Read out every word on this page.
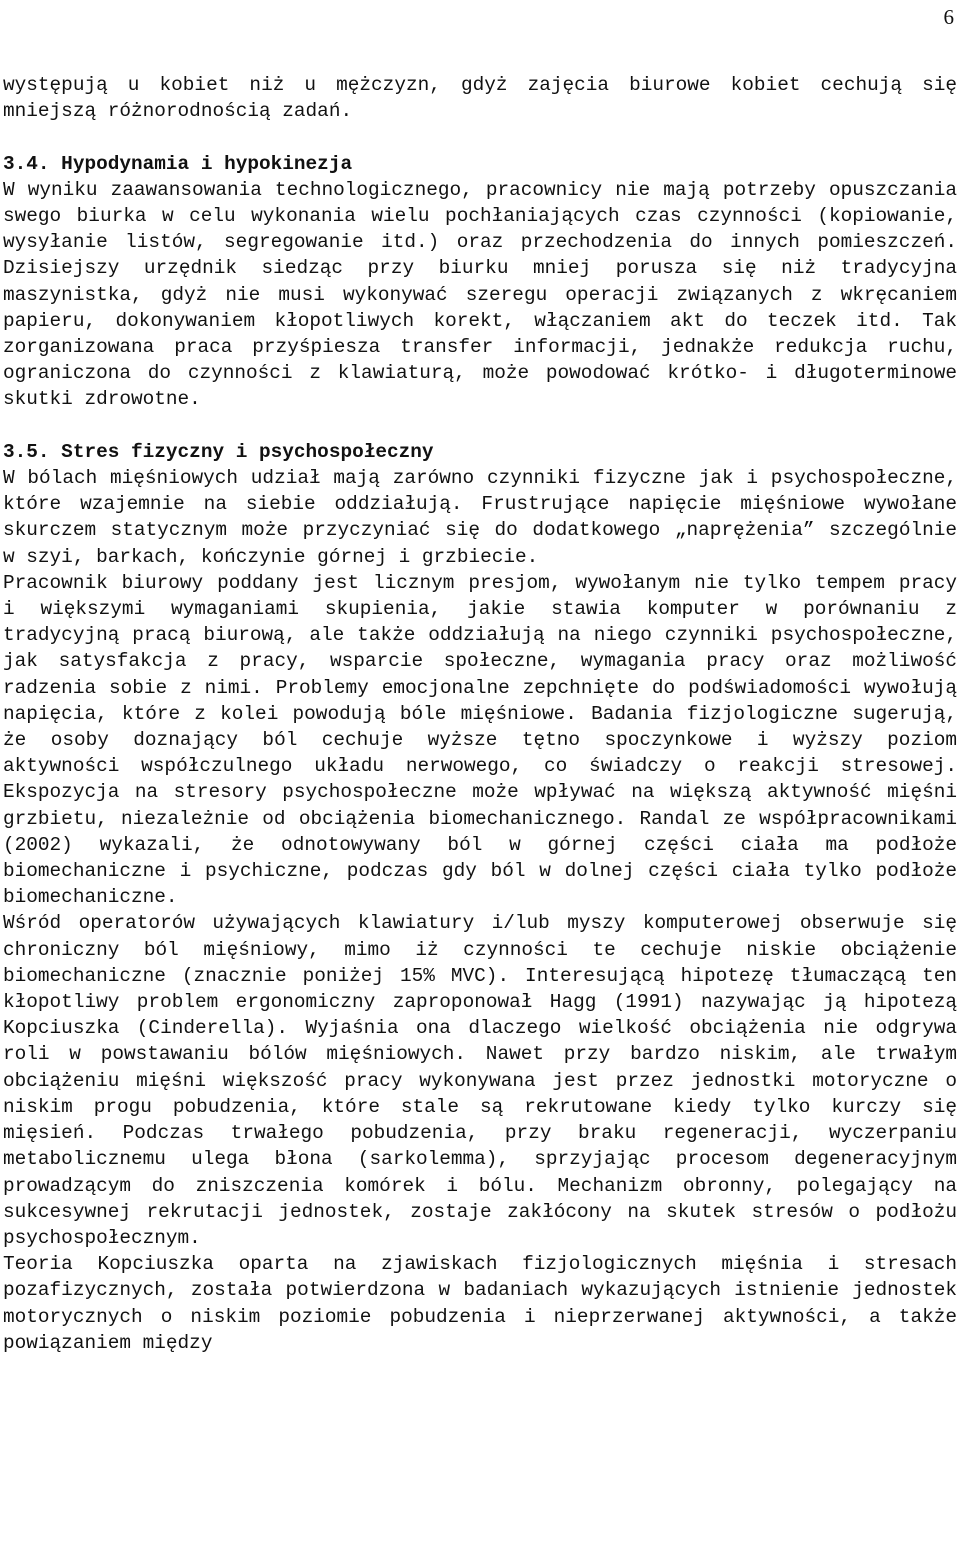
6

występują u kobiet niż u mężczyzn, gdyż zajęcia biurowe kobiet cechują się mniejszą różnorodnością zadań.

3.4. Hypodynamia i hypokinezja

W wyniku zaawansowania technologicznego, pracownicy nie mają potrzeby opuszczania swego biurka w celu wykonania wielu pochłaniających czas czynności (kopiowanie, wysyłanie listów, segregowanie itd.) oraz przechodzenia do innych pomieszczeń. Dzisiejszy urzędnik siedząc przy biurku mniej porusza się niż tradycyjna maszynistka, gdyż nie musi wykonywać szeregu operacji związanych z wkręcaniem papieru, dokonywaniem kłopotliwych korekt, włączaniem akt do teczek itd. Tak zorganizowana praca przyśpiesza transfer informacji, jednakże redukcja ruchu, ograniczona do czynności z klawiaturą, może powodować krótko- i długoterminowe skutki zdrowotne.

3.5. Stres fizyczny i psychospołeczny

W bólach mięśniowych udział mają zarówno czynniki fizyczne jak i psychospołeczne, które wzajemnie na siebie oddziałują. Frustrujące napięcie mięśniowe wywołane skurczem statycznym może przyczyniać się do dodatkowego „naprężenia” szczególnie w szyi, barkach, kończynie górnej i grzbiecie.

Pracownik biurowy poddany jest licznym presjom, wywołanym nie tylko tempem pracy i większymi wymaganiami skupienia, jakie stawia komputer w porównaniu z tradycyjną pracą biurową, ale także oddziałują na niego czynniki psychospołeczne, jak satysfakcja z pracy, wsparcie społeczne, wymagania pracy oraz możliwość radzenia sobie z nimi. Problemy emocjonalne zepchnięte do podświadomości wywołują napięcia, które z kolei powodują bóle mięśniowe. Badania fizjologiczne sugerują, że osoby doznający ból cechuje wyższe tętno spoczynkowe i wyższy poziom aktywności współczulnego układu nerwowego, co świadczy o reakcji stresowej. Ekspozycja na stresory psychospołeczne może wpływać na większą aktywność mięśni grzbietu, niezależnie od obciążenia biomechanicznego. Randal ze współpracownikami (2002) wykazali, że odnotowywany ból w górnej części ciała ma podłoże biomechaniczne i psychiczne, podczas gdy ból w dolnej części ciała tylko podłoże biomechaniczne.

Wśród operatorów używających klawiatury i/lub myszy komputerowej obserwuje się chroniczny ból mięśniowy, mimo iż czynności te cechuje niskie obciążenie biomechaniczne (znacznie poniżej 15% MVC). Interesującą hipotezę tłumaczącą ten kłopotliwy problem ergonomiczny zaproponował Hagg (1991) nazywając ją hipotezą Kopciuszka (Cinderella). Wyjaśnia ona dlaczego wielkość obciążenia nie odgrywa roli w powstawaniu bólów mięśniowych. Nawet przy bardzo niskim, ale trwałym obciążeniu mięśni większość pracy wykonywana jest przez jednostki motoryczne o niskim progu pobudzenia, które stale są rekrutowane kiedy tylko kurczy się mięsień. Podczas trwałego pobudzenia, przy braku regeneracji, wyczerpaniu metabolicznemu ulega błona (sarkolemma), sprzyjając procesom degeneracyjnym prowadzącym do zniszczenia komórek i bólu. Mechanizm obronny, polegający na sukcesywnej rekrutacji jednostek, zostaje zakłócony na skutek stresów o podłożu psychospołecznym.

Teoria Kopciuszka oparta na zjawiskach fizjologicznych mięśnia i stresach pozafizycznych, została potwierdzona w badaniach wykazujących istnienie jednostek motorycznych o niskim poziomie pobudzenia i nieprzerwanej aktywności, a także powiązaniem między
